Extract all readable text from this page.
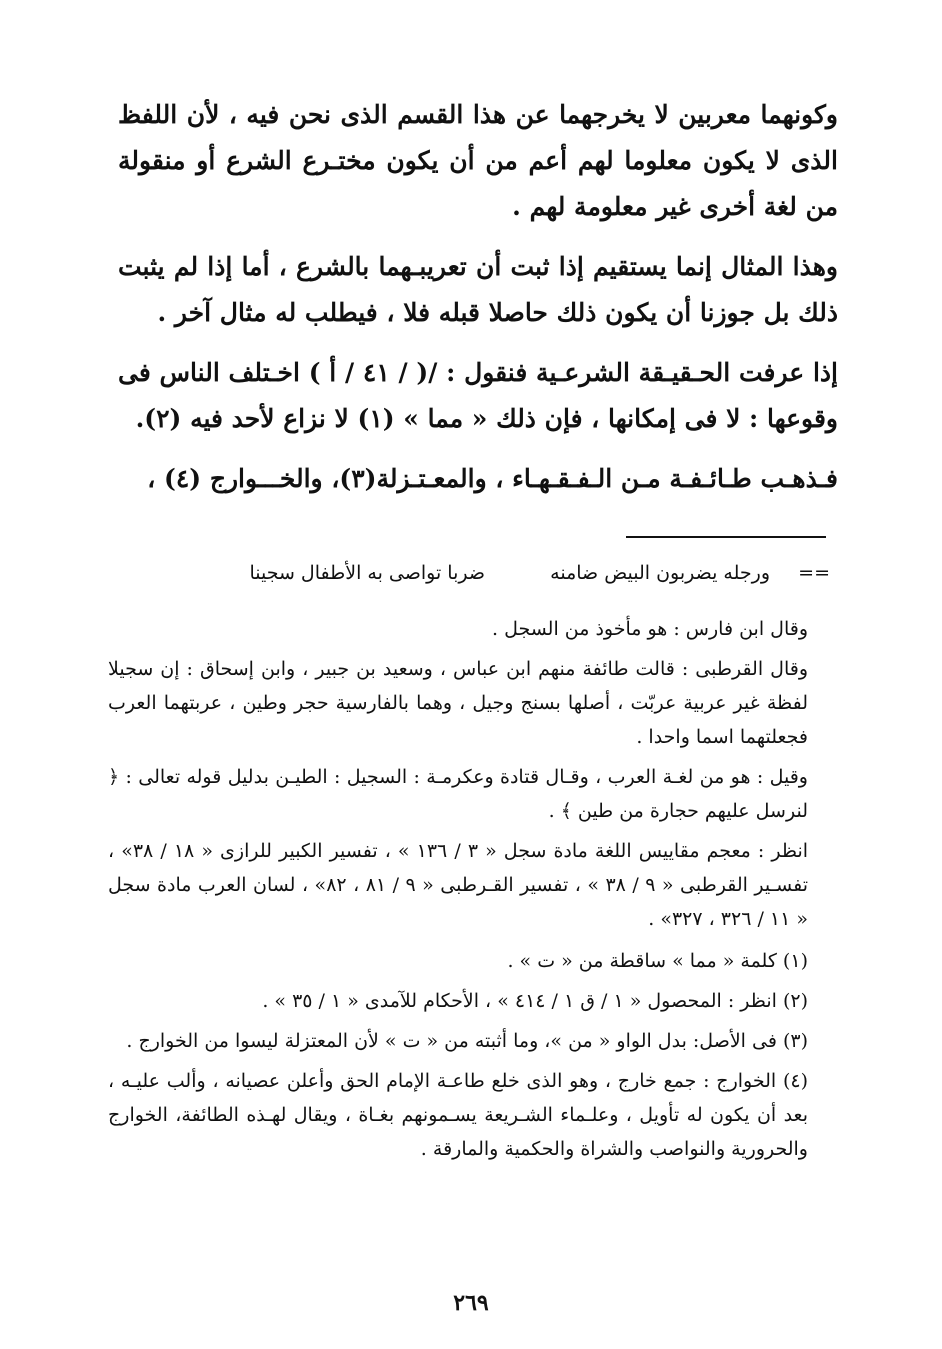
وكونهما معربين لا يخرجهما عن هذا القسم الذى نحن فيه ، لأن اللفظ الذى لا يكون معلوما لهم أعم من أن يكون مختـرع الشرع أو منقولة من لغة أخرى غير معلومة لهم .

وهذا المثال إنما يستقيم إذا ثبت أن تعريبـهما بالشرع ، أما إذا لم يثبت ذلك بل جوزنا أن يكون ذلك حاصلا قبله فلا ، فيطلب له مثال آخر .

إذا عرفت الحـقيـقة الشرعـية فنقول : /( / ٤١ / أ ) اخـتلف الناس فى وقوعها : لا فى إمكانها ، فإن ذلك « مما » (١) لا نزاع لأحد فيه (٢).

فـذهـب طـائـفـة مـن الـفـقـهـاء ، والمعـتـزلة(٣)، والخـــوارج (٤) ،

==
ورجله يضربون البيض ضامنه
ضربا تواصى به الأطفال سجينا

وقال ابن فارس : هو مأخوذ من السجل .

وقال القرطبى : قالت طائفة منهم ابن عباس ، وسعيد بن جبير ، وابن إسحاق : إن سجيلا لفظة غير عربية عربّت ، أصلها بسنج وجيل ، وهما بالفارسية حجر وطين ، عربتهما العرب فجعلتهما اسما واحدا .

وقيل : هو من لغـة العرب ، وقـال قتادة وعكرمـة : السجيل : الطيـن بدليل قوله تعالى : ﴿ لنرسل عليهم حجارة من طين ﴾ .

انظر : معجم مقاييس اللغة مادة سجل « ٣ / ١٣٦ » ، تفسير الكبير للرازى « ١٨ / ٣٨» ، تفسـير القرطبى « ٩ / ٣٨ » ، تفسير القـرطبى « ٩ / ٨١ ، ٨٢» ، لسان العرب مادة سجل « ١١ / ٣٢٦ ، ٣٢٧» .

(١) كلمة « مما » ساقطة من « ت » .

(٢) انظر : المحصول « ١ / ق ١ / ٤١٤ » ، الأحكام للآمدى « ١ / ٣٥ » .

(٣) فى الأصل: بدل الواو « من »، وما أثبته من « ت » لأن المعتزلة ليسوا من الخوارج .

(٤) الخوارج : جمع خارج ، وهو الذى خلع طاعـة الإمام الحق وأعلن عصيانه ، وألب عليـه ، بعد أن يكون له تأويل ، وعلـماء الشـريعة يسـمونهم بغـاة ، ويقال لهـذه الطائفة، الخوارج والحرورية والنواصب والشراة والحكمية والمارقة .

٢٦٩
